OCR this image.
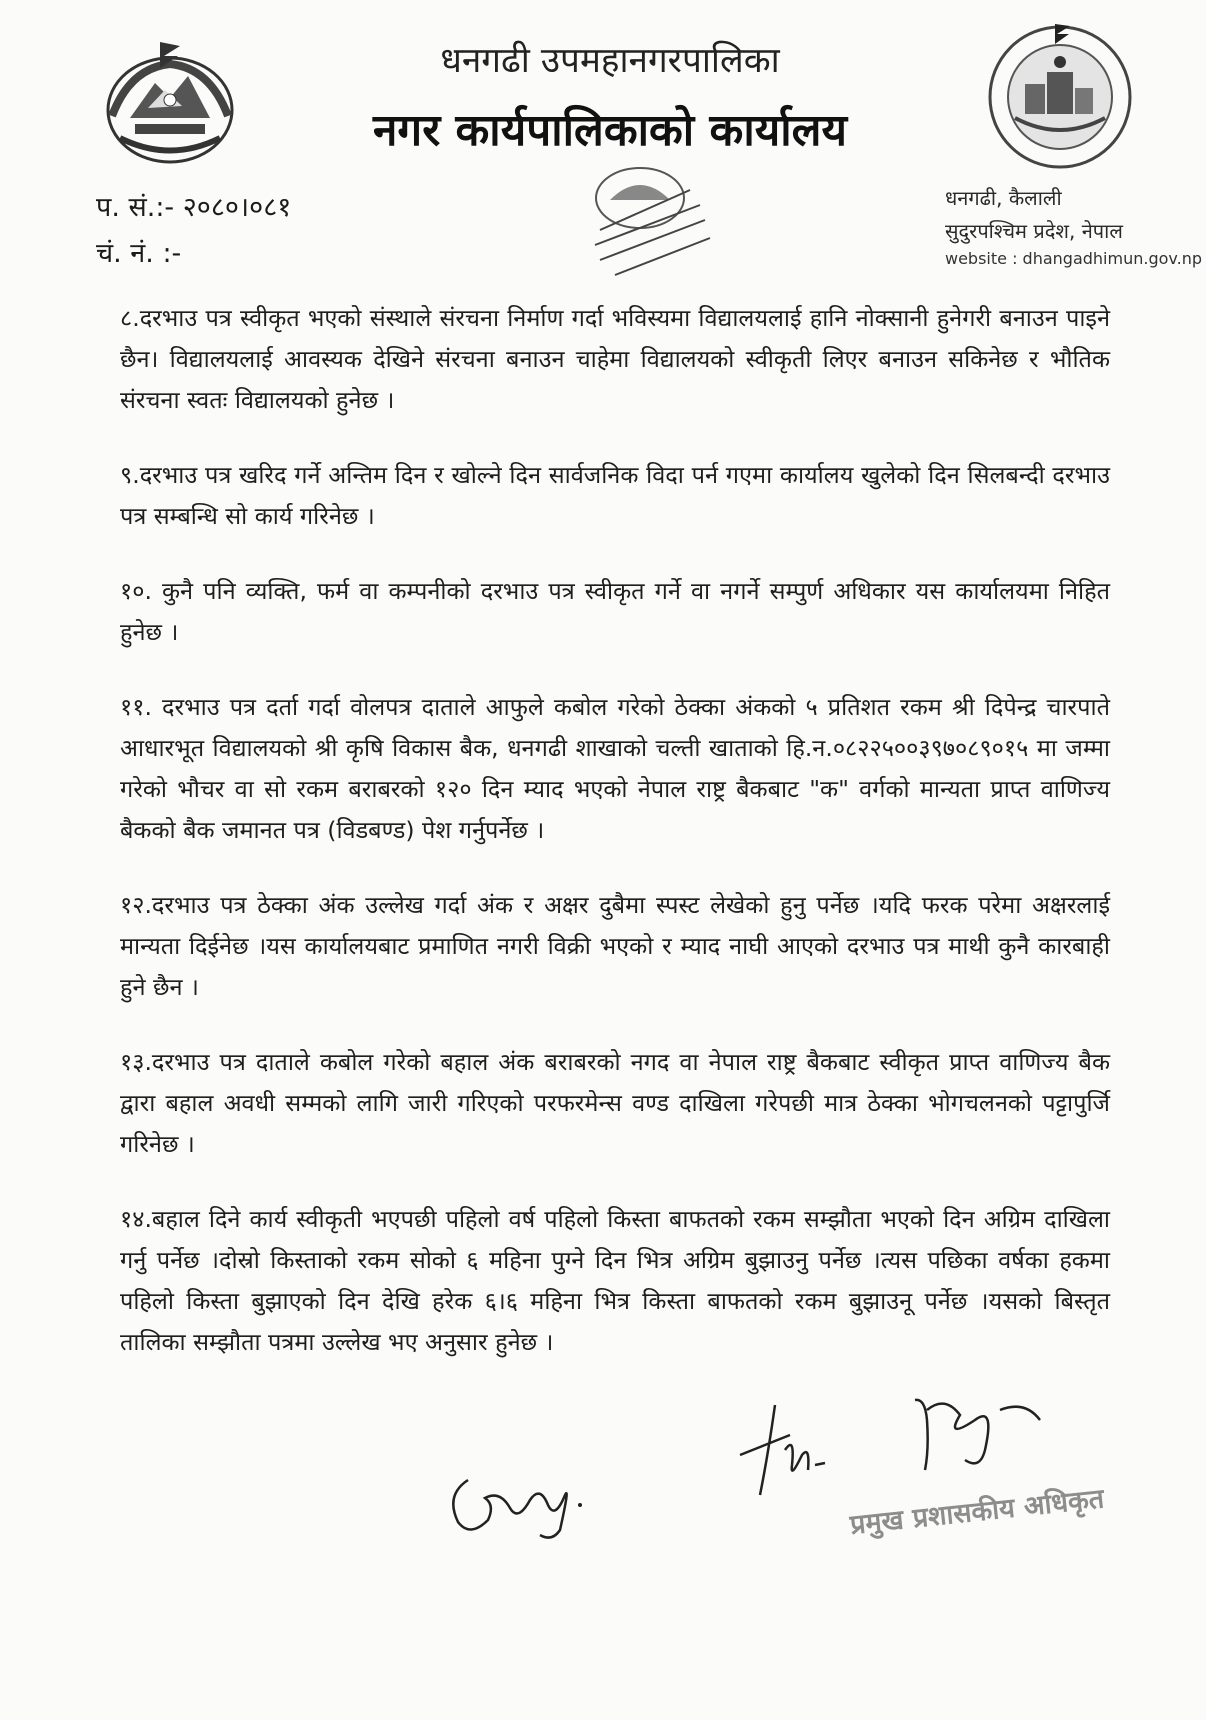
धनगढी उपमहानगरपालिका
नगर कार्यपालिकाको कार्यालय
प. सं.:- २०८०।०८१
चं. नं. :-
धनगढी, कैलाली
सुदुरपश्चिम प्रदेश, नेपाल
website : dhangadhimun.gov.np

८.दरभाउ पत्र स्वीकृत भएको संस्थाले संरचना निर्माण गर्दा भविस्यमा विद्यालयलाई हानि नोक्सानी हुनेगरी बनाउन पाइने छैन। विद्यालयलाई आवस्यक देखिने संरचना बनाउन चाहेमा विद्यालयको स्वीकृती लिएर बनाउन सकिनेछ र भौतिक संरचना स्वतः विद्यालयको हुनेछ ।

९.दरभाउ पत्र खरिद गर्ने अन्तिम दिन र खोल्ने दिन सार्वजनिक विदा पर्न गएमा कार्यालय खुलेको दिन सिलबन्दी दरभाउ पत्र सम्बन्धि सो कार्य गरिनेछ ।

१०. कुनै पनि व्यक्ति, फर्म वा कम्पनीको दरभाउ पत्र स्वीकृत गर्ने वा नगर्ने सम्पुर्ण अधिकार यस कार्यालयमा निहित हुनेछ ।

११. दरभाउ पत्र दर्ता गर्दा वोलपत्र दाताले आफुले कबोल गरेको ठेक्का अंकको ५ प्रतिशत रकम श्री दिपेन्द्र चारपाते आधारभूत विद्यालयको श्री कृषि विकास बैक, धनगढी शाखाको चल्ती खाताको हि.न.०८२२५००३९७०८९०१५ मा जम्मा गरेको भौचर वा सो रकम बराबरको १२० दिन म्याद भएको नेपाल राष्ट्र बैकबाट "क" वर्गको मान्यता प्राप्त वाणिज्य बैकको बैक जमानत पत्र (विडबण्ड) पेश गर्नुपर्नेछ ।

१२.दरभाउ पत्र ठेक्का अंक उल्लेख गर्दा अंक र अक्षर दुबैमा स्पस्ट लेखेको हुनु पर्नेछ ।यदि फरक परेमा अक्षरलाई मान्यता दिईनेछ ।यस कार्यालयबाट प्रमाणित नगरी विक्री भएको र म्याद नाघी आएको दरभाउ पत्र माथी कुनै कारबाही हुने छैन ।

१३.दरभाउ पत्र दाताले कबोल गरेको बहाल अंक बराबरको नगद वा नेपाल राष्ट्र बैकबाट स्वीकृत प्राप्त वाणिज्य बैक द्वारा बहाल अवधी सम्मको लागि जारी गरिएको परफरमेन्स वण्ड दाखिला गरेपछी मात्र ठेक्का भोगचलनको पट्टापुर्जि गरिनेछ ।

१४.बहाल दिने कार्य स्वीकृती भएपछी पहिलो वर्ष पहिलो किस्ता बाफतको रकम सम्झौता भएको दिन अग्रिम दाखिला गर्नु पर्नेछ ।दोस्रो किस्ताको रकम सोको ६ महिना पुग्ने दिन भित्र अग्रिम बुझाउनु पर्नेछ ।त्यस पछिका वर्षका हकमा पहिलो किस्ता बुझाएको दिन देखि हरेक ६।६ महिना भित्र किस्ता बाफतको रकम बुझाउनू पर्नेछ ।यसको बिस्तृत तालिका सम्झौता पत्रमा उल्लेख भए अनुसार हुनेछ ।

प्रमुख प्रशासकीय अधिकृत
